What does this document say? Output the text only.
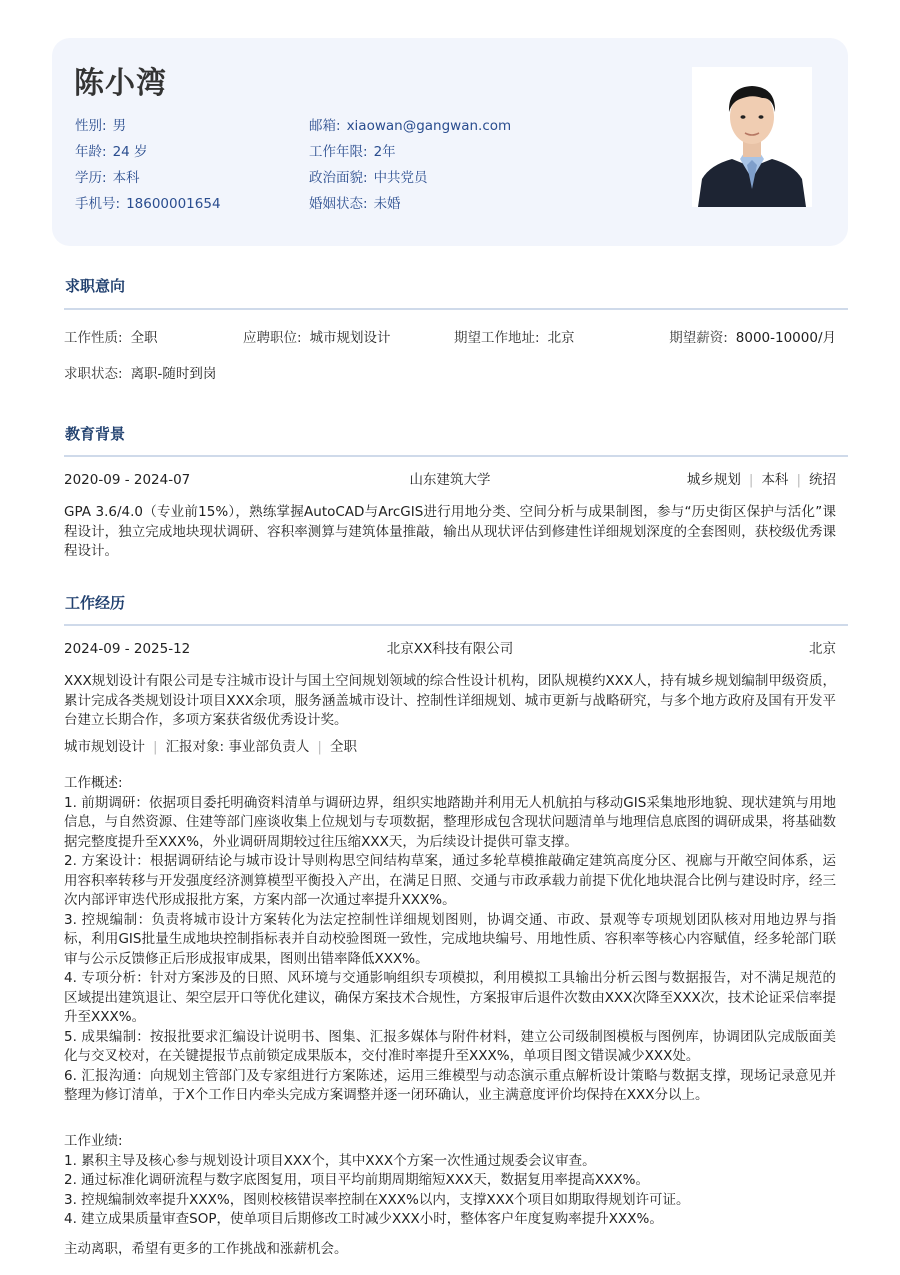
陈小湾
性别: 男	邮箱: xiaowan@gangwan.com
年龄: 24 岁	工作年限: 2年
学历: 本科	政治面貌: 中共党员
手机号: 18600001654	婚姻状态: 未婚
求职意向
工作性质: 全职	应聘职位: 城市规划设计	期望工作地址: 北京	期望薪资: 8000-10000/月
求职状态: 离职-随时到岗
教育背景
2020-09 - 2024-07	山东建筑大学	城乡规划 | 本科 | 统招
GPA 3.6/4.0（专业前15%），熟练掌握AutoCAD与ArcGIS进行用地分类、空间分析与成果制图，参与“历史街区保护与活化”课程设计，独立完成地块现状调研、容积率测算与建筑体量推敲，输出从现状评估到修建性详细规划深度的全套图则，获校级优秀课程设计。
工作经历
2024-09 - 2025-12	北京XX科技有限公司	北京
XXX规划设计有限公司是专注城市设计与国土空间规划领域的综合性设计机构，团队规模约XXX人，持有城乡规划编制甲级资质，累计完成各类规划设计项目XXX余项，服务涵盖城市设计、控制性详细规划、城市更新与战略研究，与多个地方政府及国有开发平台建立长期合作，多项方案获省级优秀设计奖。
城市规划设计 | 汇报对象: 事业部负责人 | 全职
工作概述:
1. 前期调研：依据项目委托明确资料清单与调研边界，组织实地踏勘并利用无人机航拍与移动GIS采集地形地貌、现状建筑与用地信息，与自然资源、住建等部门座谈收集上位规划与专项数据，整理形成包含现状问题清单与地理信息底图的调研成果，将基础数据完整度提升至XXX%，外业调研周期较过往压缩XXX天，为后续设计提供可靠支撑。
2. 方案设计：根据调研结论与城市设计导则构思空间结构草案，通过多轮草模推敲确定建筑高度分区、视廊与开敞空间体系，运用容积率转移与开发强度经济测算模型平衡投入产出，在满足日照、交通与市政承载力前提下优化地块混合比例与建设时序，经三次内部评审迭代形成报批方案，方案内部一次通过率提升XXX%。
3. 控规编制：负责将城市设计方案转化为法定控制性详细规划图则，协调交通、市政、景观等专项规划团队核对用地边界与指标，利用GIS批量生成地块控制指标表并自动校验图斑一致性，完成地块编号、用地性质、容积率等核心内容赋值，经多轮部门联审与公示反馈修正后形成报审成果，图则出错率降低XXX%。
4. 专项分析：针对方案涉及的日照、风环境与交通影响组织专项模拟，利用模拟工具输出分析云图与数据报告，对不满足规范的区域提出建筑退让、架空层开口等优化建议，确保方案技术合规性，方案报审后退件次数由XXX次降至XXX次，技术论证采信率提升至XXX%。
5. 成果编制：按报批要求汇编设计说明书、图集、汇报多媒体与附件材料，建立公司级制图模板与图例库，协调团队完成版面美化与交叉校对，在关键提报节点前锁定成果版本，交付准时率提升至XXX%，单项目图文错误减少XXX处。
6. 汇报沟通：向规划主管部门及专家组进行方案陈述，运用三维模型与动态演示重点解析设计策略与数据支撑，现场记录意见并整理为修订清单，于X个工作日内牵头完成方案调整并逐一闭环确认，业主满意度评价均保持在XXX分以上。
工作业绩:
1. 累积主导及核心参与规划设计项目XXX个，其中XXX个方案一次性通过规委会议审查。
2. 通过标准化调研流程与数字底图复用，项目平均前期周期缩短XXX天，数据复用率提高XXX%。
3. 控规编制效率提升XXX%，图则校核错误率控制在XXX%以内，支撑XXX个项目如期取得规划许可证。
4. 建立成果质量审查SOP，使单项目后期修改工时减少XXX小时，整体客户年度复购率提升XXX%。
主动离职，希望有更多的工作挑战和涨薪机会。
